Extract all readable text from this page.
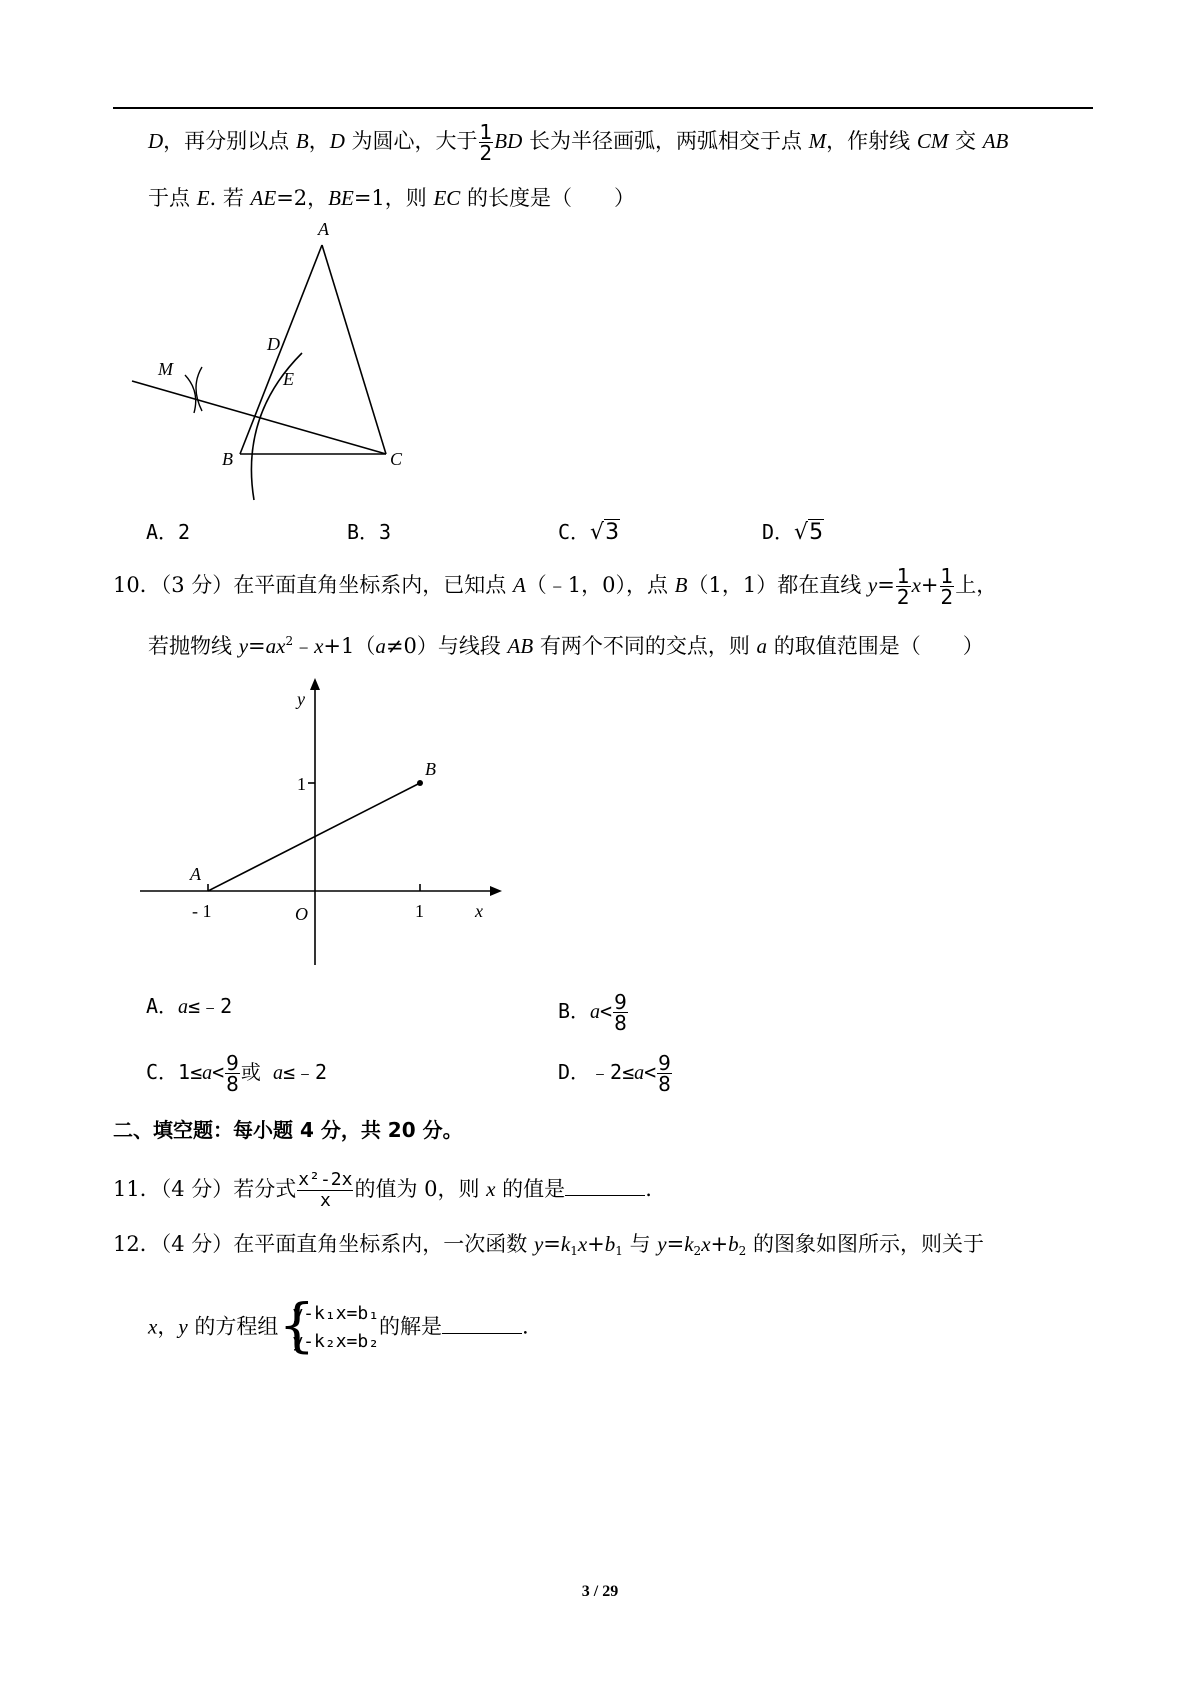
D，再分别以点 B，D 为圆心，大于 $\frac{1}{2}$ BD 长为半径画弧，两弧相交于点 M，作射线 CM 交 AB
于点 E. 若 AE=2，BE=1，则 EC 的长度是（　　）
A
B	C
D
E
M
A．2	B．3	C．√3	D．√5
10．（3 分）在平面直角坐标系内，已知点 A（﹣1，0），点 B（1，1）都在直线 $y= \frac{1}{2} x+ \frac{1}{2}$ 上，
若抛物线 $y=ax^2﹣x+1(a\ne 0)$与线段 AB 有两个不同的交点，则 a 的取值范围是（　　）
y
x
1
1
- 1	O
A
B
A．a≤﹣2	B．$a< \frac{9}{8}$
C．$1\le a< \frac{9}{8}$ 或 a≤﹣2	D．﹣2≤a< $\frac{9}{8}$
二、填空题：每小题 4 分，共 20 分。
11．（4 分）若分式 $\frac{\text{x²-2x}}{x}$ 的值为 0，则 x 的值是	.
12．（4 分）在平面直角坐标系内，一次函数 $y=k_1x+b_1$ 与 $y=k_2x+b_2$ 的图象如图所示，则关于
x，y 的方程组 {
y-k₁x=b₁
y-k₂x=b₂
的解是	.
3 / 29
